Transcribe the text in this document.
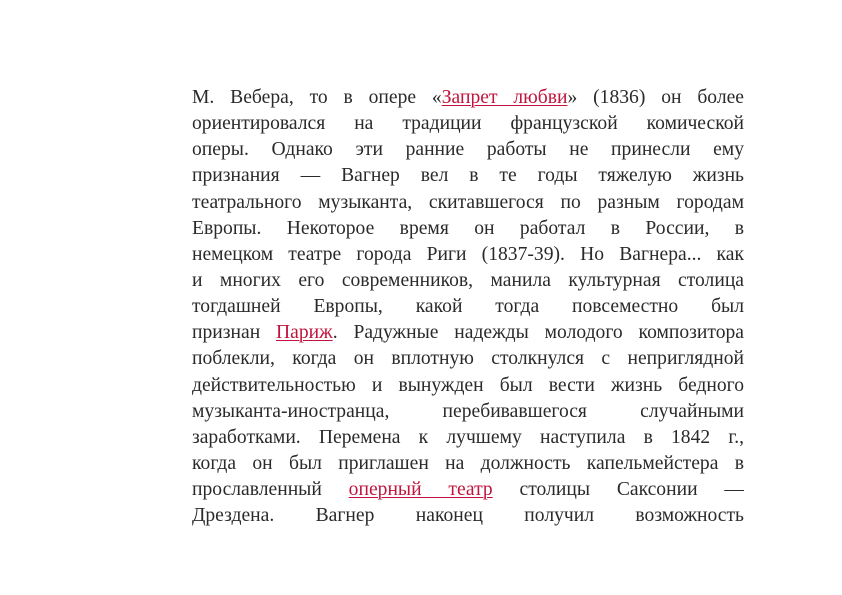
М. Вебера, то в опере «Запрет любви» (1836) он более
ориентировался на традиции французской комической
оперы. Однако эти ранние работы не принесли ему
признания — Вагнер вел в те годы тяжелую жизнь
театрального музыканта, скитавшегося по разным городам
Европы. Некоторое время он работал в России, в
немецком театре города Риги (1837-39). Но Вагнера... как
и многих его современников, манила культурная столица
тогдашней Европы, какой тогда повсеместно был
признан Париж. Радужные надежды молодого композитора
поблекли, когда он вплотную столкнулся с неприглядной
действительностью и вынужден был вести жизнь бедного
музыканта-иностранца, перебивавшегося случайными
заработками. Перемена к лучшему наступила в 1842 г.,
когда он был приглашен на должность капельмейстера в
прославленный оперный театр столицы Саксонии —
Дрездена. Вагнер наконец получил возможность
